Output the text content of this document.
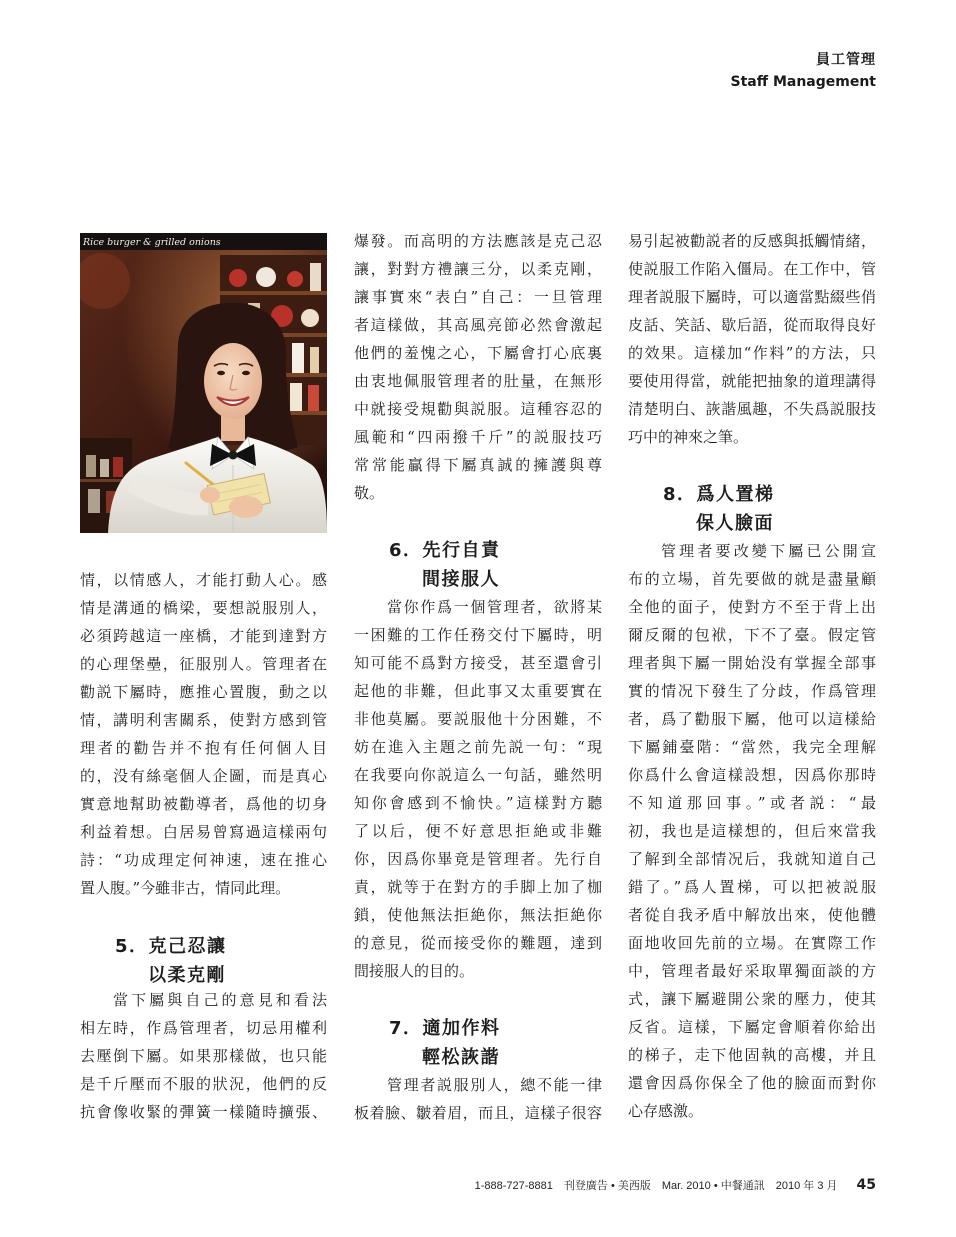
員工管理
Staff Management
Rice burger & grilled onions
情，以情感人，才能打動人心。感
情是溝通的橋梁，要想説服別人，
必須跨越這一座橋，才能到達對方
的心理堡壘，征服別人。管理者在
勸説下屬時，應推心置腹，動之以
情，講明利害關系，使對方感到管
理者的勸告并不抱有任何個人目
的，没有絲毫個人企圖，而是真心
實意地幫助被勸導者，爲他的切身
利益着想。白居易曾寫過這樣兩句
詩：“功成理定何神速，速在推心
置人腹。”今雖非古，情同此理。
5．克己忍讓
以柔克剛
當下屬與自己的意見和看法
相左時，作爲管理者，切忌用權利
去壓倒下屬。如果那樣做，也只能
是千斤壓而不服的狀況，他們的反
抗會像收緊的彈簧一樣隨時擴張、
爆發。而高明的方法應該是克己忍
讓，對對方禮讓三分，以柔克剛，
讓事實來“表白”自己：一旦管理
者這樣做，其高風亮節必然會激起
他們的羞愧之心，下屬會打心底裏
由衷地佩服管理者的肚量，在無形
中就接受規勸與説服。這種容忍的
風範和“四兩撥千斤”的説服技巧
常常能贏得下屬真誠的擁護與尊
敬。
6．先行自責
間接服人
當你作爲一個管理者，欲將某
一困難的工作任務交付下屬時，明
知可能不爲對方接受，甚至還會引
起他的非難，但此事又太重要實在
非他莫屬。要説服他十分困難，不
妨在進入主題之前先説一句：“現
在我要向你説這么一句話，雖然明
知你會感到不愉快。”這樣對方聽
了以后，便不好意思拒絶或非難
你，因爲你畢竟是管理者。先行自
責，就等于在對方的手脚上加了枷
鎖，使他無法拒絶你，無法拒絶你
的意見，從而接受你的難題，達到
間接服人的目的。
7．適加作料
輕松詼諧
管理者説服別人，總不能一律
板着臉、皺着眉，而且，這樣子很容
易引起被勸説者的反感與抵觸情緒，
使説服工作陷入僵局。在工作中，管
理者説服下屬時，可以適當點綴些俏
皮話、笑話、歇后語，從而取得良好
的效果。這樣加“作料”的方法，只
要使用得當，就能把抽象的道理講得
清楚明白、詼諧風趣，不失爲説服技
巧中的神來之筆。
8．爲人置梯
保人臉面
管理者要改變下屬已公開宣
布的立場，首先要做的就是盡量顧
全他的面子，使對方不至于背上出
爾反爾的包袱，下不了臺。假定管
理者與下屬一開始没有掌握全部事
實的情况下發生了分歧，作爲管理
者，爲了勸服下屬，他可以這樣給
下屬鋪臺階：“當然，我完全理解
你爲什么會這樣設想，因爲你那時
不知道那回事。”或者説：“最
初，我也是這樣想的，但后來當我
了解到全部情况后，我就知道自己
錯了。”爲人置梯，可以把被説服
者從自我矛盾中解放出來，使他體
面地收回先前的立場。在實際工作
中，管理者最好采取單獨面談的方
式，讓下屬避開公衆的壓力，使其
反省。這樣，下屬定會順着你給出
的梯子，走下他固執的高樓，并且
還會因爲你保全了他的臉面而對你
心存感激。
1-888-727-8881 刊登廣告 • 美西版 Mar. 2010 • 中餐通訊 2010 年 3 月 45
